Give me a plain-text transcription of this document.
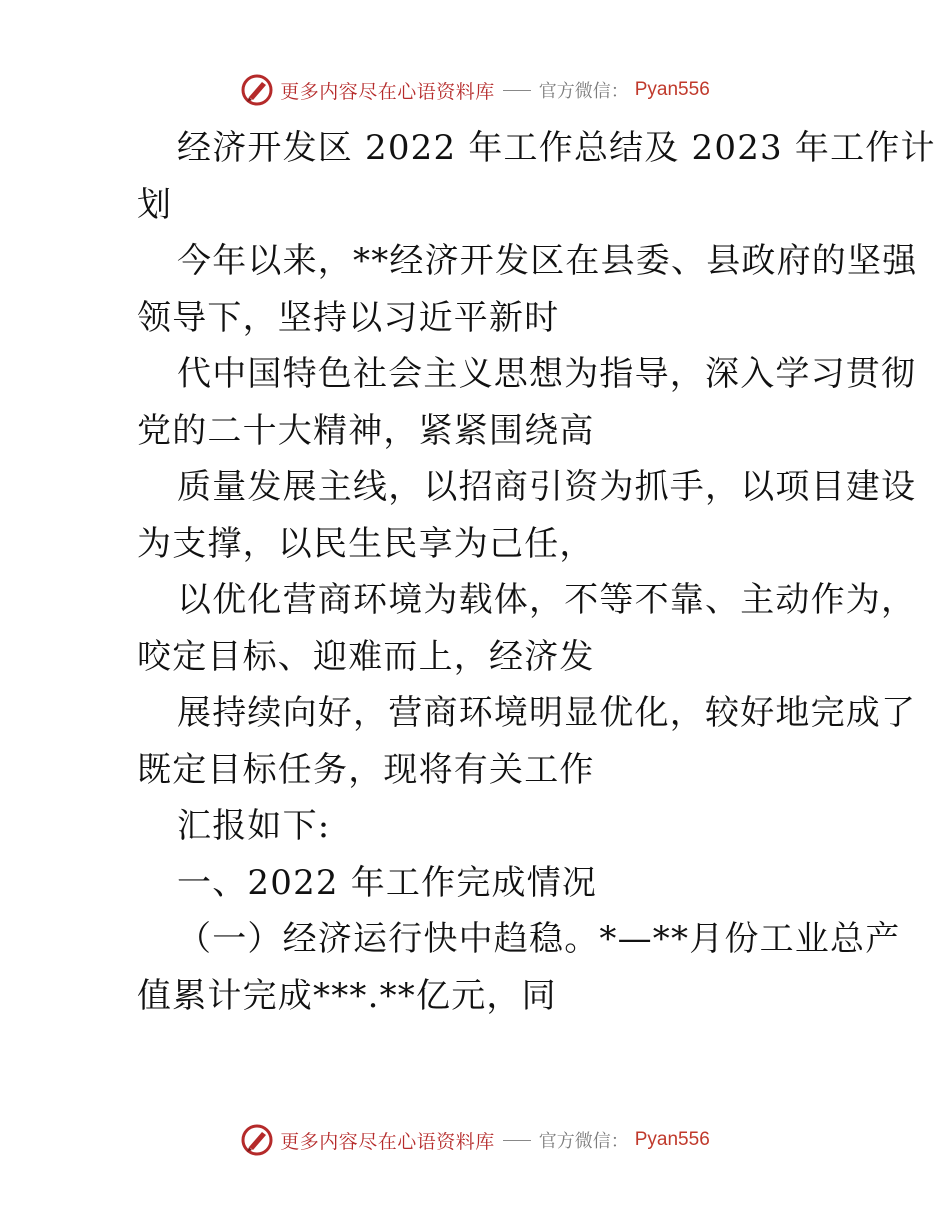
更多内容尽在心语资料库 官方微信： Pyan556
经济开发区 2022 年工作总结及 2023 年工作计
划
今年以来，**经济开发区在县委、县政府的坚强
领导下，坚持以习近平新时
代中国特色社会主义思想为指导，深入学习贯彻
党的二十大精神，紧紧围绕高
质量发展主线，以招商引资为抓手，以项目建设
为支撑，以民生民享为己任，
以优化营商环境为载体，不等不靠、主动作为，
咬定目标、迎难而上，经济发
展持续向好，营商环境明显优化，较好地完成了
既定目标任务，现将有关工作
汇报如下:
一、2022 年工作完成情况
（一）经济运行快中趋稳。*—**月份工业总产
值累计完成***.**亿元，同
更多内容尽在心语资料库 官方微信： Pyan556
